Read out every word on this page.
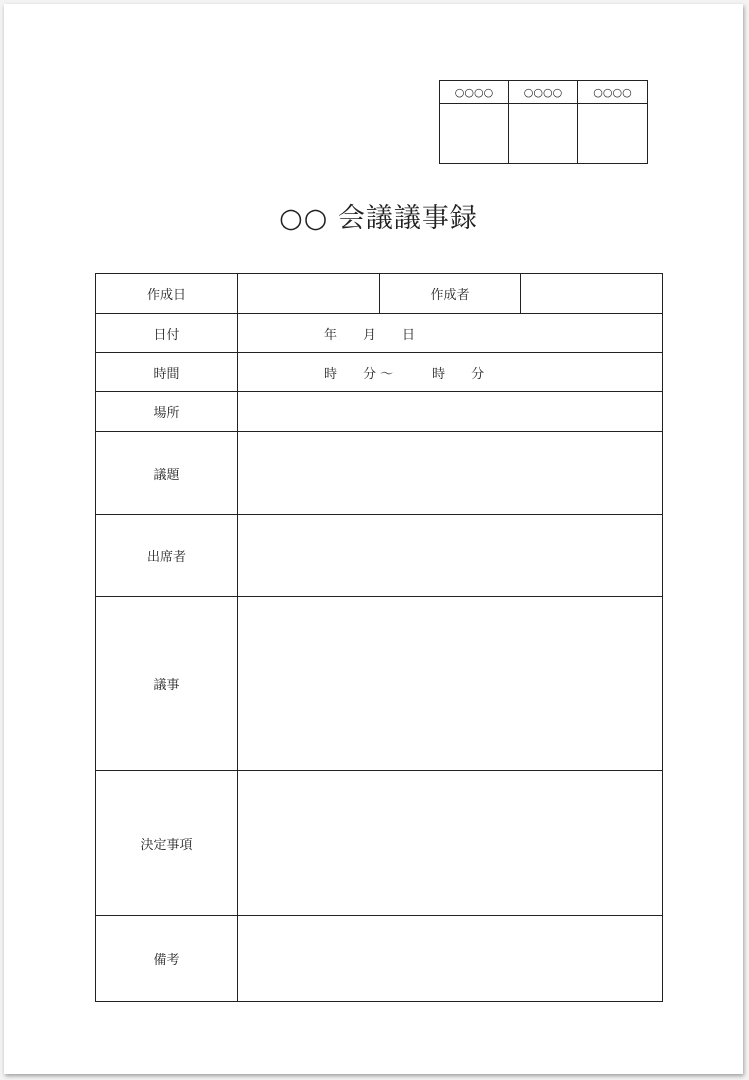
○○○○	○○○○	○○○○
○○ 会議議事録
作成日		作成者	
日付	年　　月　　日		
時間	時　　分 ～　　　時　　分		
場所			
議題			
出席者			
議事			
決定事項			
備考			
